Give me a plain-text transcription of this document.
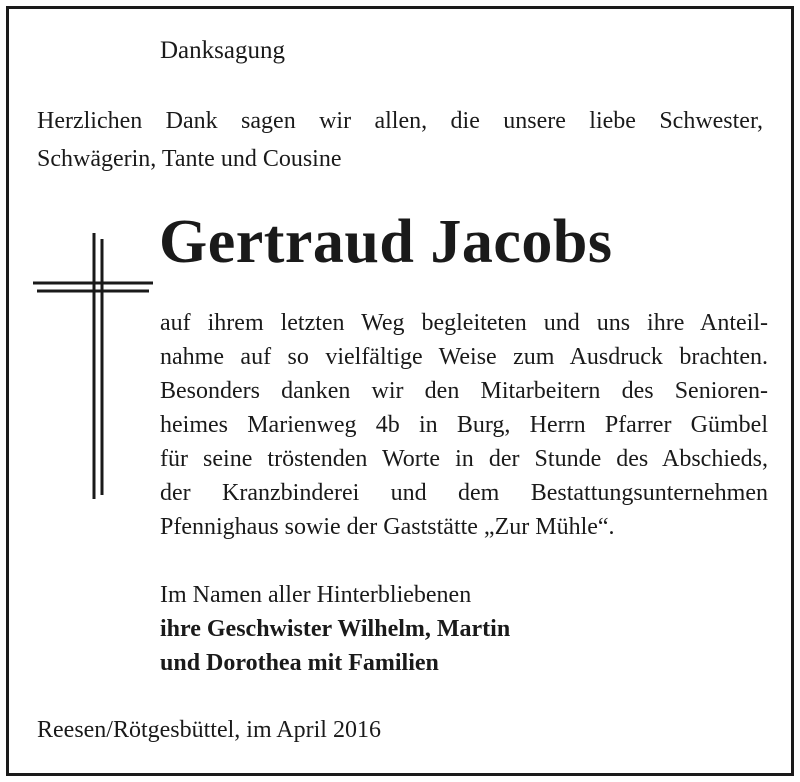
Danksagung
Herzlichen Dank sagen wir allen, die unsere liebe Schwester,
Schwägerin, Tante und Cousine
Gertraud Jacobs
auf ihrem letzten Weg begleiteten und uns ihre Anteil-
nahme auf so vielfältige Weise zum Ausdruck brachten.
Besonders danken wir den Mitarbeitern des Senioren-
heimes Marienweg 4b in Burg, Herrn Pfarrer Gümbel
für seine tröstenden Worte in der Stunde des Abschieds,
der Kranzbinderei und dem Bestattungsunternehmen
Pfennighaus sowie der Gaststätte „Zur Mühle“.
Im Namen aller Hinterbliebenen
ihre Geschwister Wilhelm, Martin
und Dorothea mit Familien
Reesen/Rötgesbüttel, im April 2016
